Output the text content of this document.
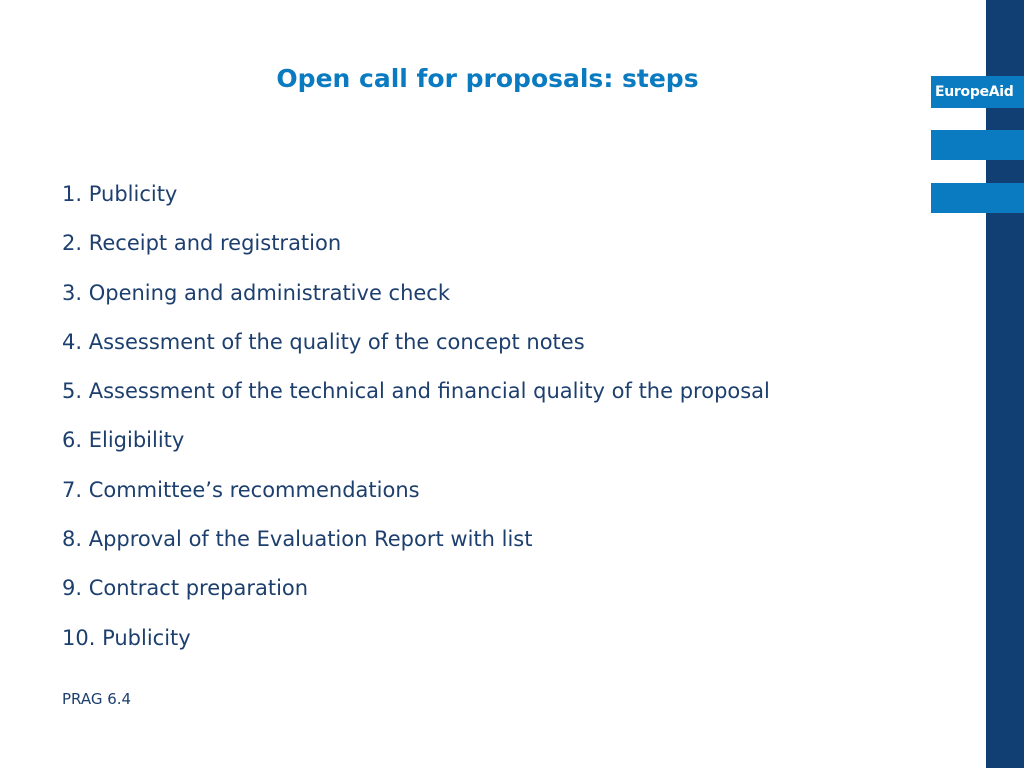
EuropeAid
Open call for proposals: steps
1. Publicity
2. Receipt and registration
3. Opening and administrative check
4. Assessment of the quality of the concept notes
5. Assessment of the technical and financial quality of the proposal
6. Eligibility
7. Committee’s recommendations
8. Approval of the Evaluation Report with list
9. Contract preparation
10. Publicity
PRAG 6.4
